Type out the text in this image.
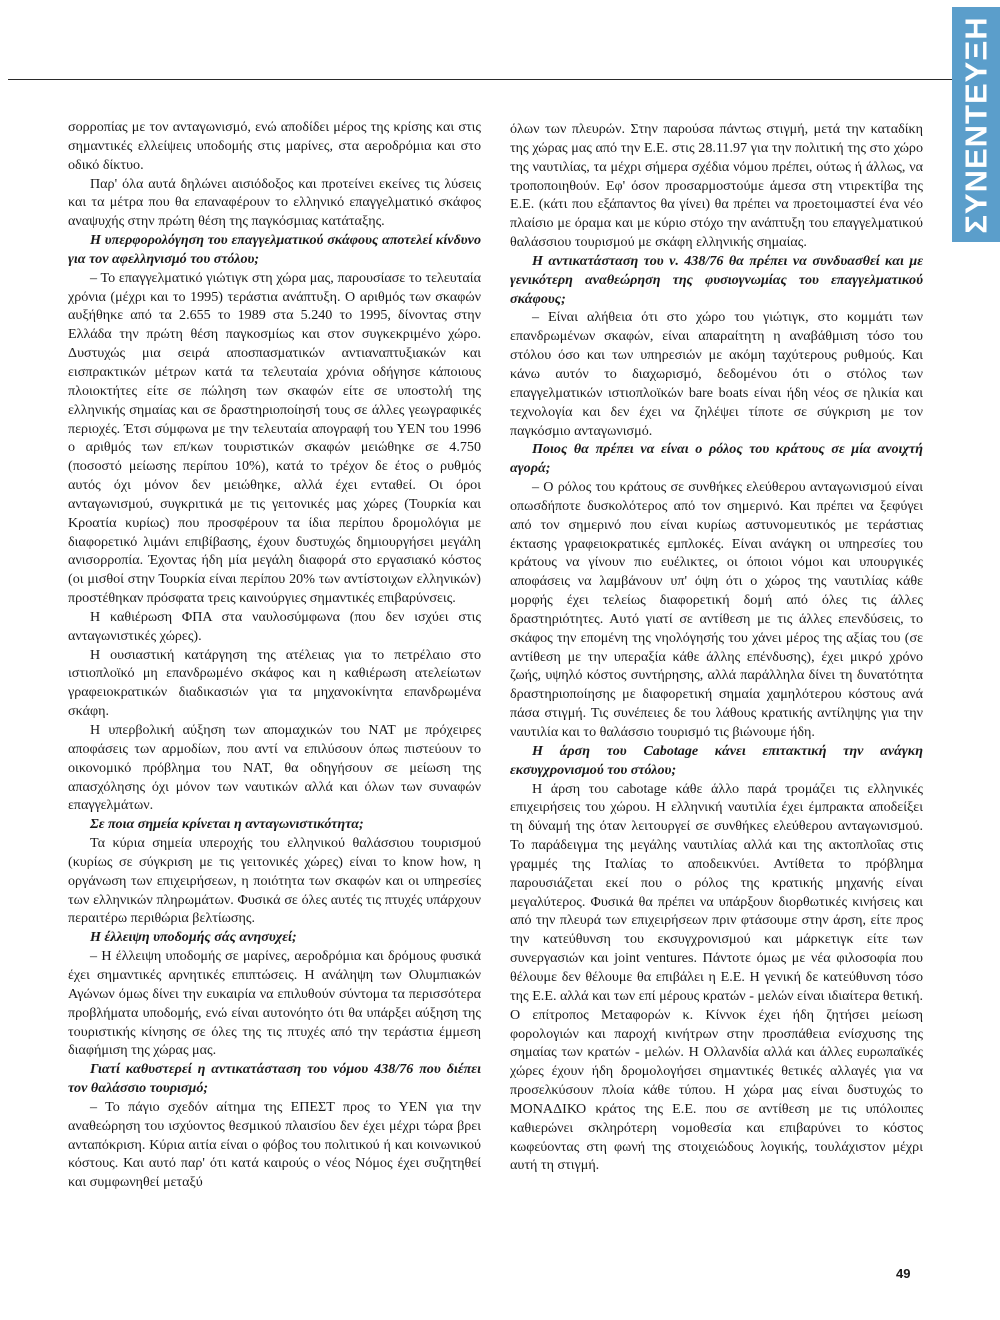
ΣΥΝΕΝΤΕΥΞΗ

σορροπίας με τον ανταγωνισμό, ενώ αποδίδει μέρος της κρίσης και στις σημαντικές ελλείψεις υποδομής στις μαρίνες, στα αεροδρόμια και στο οδικό δίκτυο.

Παρ' όλα αυτά δηλώνει αισιόδοξος και προτείνει εκείνες τις λύσεις και τα μέτρα που θα επαναφέρουν το ελληνικό επαγγελματικό σκάφος αναψυχής στην πρώτη θέση της παγκόσμιας κατάταξης.

Η υπερφορολόγηση του επαγγελματικού σκάφους αποτελεί κίνδυνο για τον αφελληνισμό του στόλου;

– Το επαγγελματικό γιώτιγκ στη χώρα μας, παρουσίασε το τελευταία χρόνια (μέχρι και το 1995) τεράστια ανάπτυξη. Ο αριθμός των σκαφών αυξήθηκε από τα 2.655 το 1989 στα 5.240 το 1995, δίνοντας στην Ελλάδα την πρώτη θέση παγκοσμίως και στον συγκεκριμένο χώρο. Δυστυχώς μια σειρά αποσπασματικών αντιαναπτυξιακών και εισπρακτικών μέτρων κατά τα τελευταία χρόνια οδήγησε κάποιους πλοιοκτήτες είτε σε πώληση των σκαφών είτε σε υποστολή της ελληνικής σημαίας και σε δραστηριοποίησή τους σε άλλες γεωγραφικές περιοχές. Έτσι σύμφωνα με την τελευταία απογραφή του ΥΕΝ του 1996 ο αριθμός των επ/κων τουριστικών σκαφών μειώθηκε σε 4.750 (ποσοστό μείωσης περίπου 10%), κατά το τρέχον δε έτος ο ρυθμός αυτός όχι μόνον δεν μειώθηκε, αλλά έχει ενταθεί. Οι όροι ανταγωνισμού, συγκριτικά με τις γειτονικές μας χώρες (Τουρκία και Κροατία κυρίως) που προσφέρουν τα ίδια περίπου δρομολόγια με διαφορετικό λιμάνι επιβίβασης, έχουν δυστυχώς δημιουργήσει μεγάλη ανισορροπία. Έχοντας ήδη μία μεγάλη διαφορά στο εργασιακό κόστος (οι μισθοί στην Τουρκία είναι περίπου 20% των αντίστοιχων ελληνικών) προστέθηκαν πρόσφατα τρεις καινούργιες σημαντικές επιβαρύνσεις.

Η καθιέρωση ΦΠΑ στα ναυλοσύμφωνα (που δεν ισχύει στις ανταγωνιστικές χώρες).

Η ουσιαστική κατάργηση της ατέλειας για το πετρέλαιο στο ιστιοπλοϊκό μη επανδρωμένο σκάφος και η καθιέρωση ατελείωτων γραφειοκρατικών διαδικασιών για τα μηχανοκίνητα επανδρωμένα σκάφη.

Η υπερβολική αύξηση των απομαχικών του ΝΑΤ με πρόχειρες αποφάσεις των αρμοδίων, που αντί να επιλύσουν όπως πιστεύουν το οικονομικό πρόβλημα του ΝΑΤ, θα οδηγήσουν σε μείωση της απασχόλησης όχι μόνον των ναυτικών αλλά και όλων των συναφών επαγγελμάτων.

Σε ποια σημεία κρίνεται η ανταγωνιστικότητα;

Τα κύρια σημεία υπεροχής του ελληνικού θαλάσσιου τουρισμού (κυρίως σε σύγκριση με τις γειτονικές χώρες) είναι το know how, η οργάνωση των επιχειρήσεων, η ποιότητα των σκαφών και οι υπηρεσίες των ελληνικών πληρωμάτων. Φυσικά σε όλες αυτές τις πτυχές υπάρχουν περαιτέρω περιθώρια βελτίωσης.

Η έλλειψη υποδομής σάς ανησυχεί;

– Η έλλειψη υποδομής σε μαρίνες, αεροδρόμια και δρόμους φυσικά έχει σημαντικές αρνητικές επιπτώσεις. Η ανάληψη των Ολυμπιακών Αγώνων όμως δίνει την ευκαιρία να επιλυθούν σύντομα τα περισσότερα προβλήματα υποδομής, ενώ είναι αυτονόητο ότι θα υπάρξει αύξηση της τουριστικής κίνησης σε όλες της τις πτυχές από την τεράστια έμμεση διαφήμιση της χώρας μας.

Γιατί καθυστερεί η αντικατάσταση του νόμου 438/76 που διέπει τον θαλάσσιο τουρισμό;

– Το πάγιο σχεδόν αίτημα της ΕΠΕΣΤ προς το ΥΕΝ για την αναθεώρηση του ισχύοντος θεσμικού πλαισίου δεν έχει μέχρι τώρα βρει ανταπόκριση. Κύρια αιτία είναι ο φόβος του πολιτικού ή και κοινωνικού κόστους. Και αυτό παρ' ότι κατά καιρούς ο νέος Νόμος έχει συζητηθεί και συμφωνηθεί μεταξύ

όλων των πλευρών. Στην παρούσα πάντως στιγμή, μετά την καταδίκη της χώρας μας από την Ε.Ε. στις 28.11.97 για την πολιτική της στο χώρο της ναυτιλίας, τα μέχρι σήμερα σχέδια νόμου πρέπει, ούτως ή άλλως, να τροποποιηθούν. Εφ' όσον προσαρμοστούμε άμεσα στη ντιρεκτίβα της Ε.Ε. (κάτι που εξάπαντος θα γίνει) θα πρέπει να προετοιμαστεί ένα νέο πλαίσιο με όραμα και με κύριο στόχο την ανάπτυξη του επαγγελματικού θαλάσσιου τουρισμού με σκάφη ελληνικής σημαίας.

Η αντικατάσταση του ν. 438/76 θα πρέπει να συνδυασθεί και με γενικότερη αναθεώρηση της φυσιογνωμίας του επαγγελματικού σκάφους;

– Είναι αλήθεια ότι στο χώρο του γιώτιγκ, στο κομμάτι των επανδρωμένων σκαφών, είναι απαραίτητη η αναβάθμιση τόσο του στόλου όσο και των υπηρεσιών με ακόμη ταχύτερους ρυθμούς. Και κάνω αυτόν το διαχωρισμό, δεδομένου ότι ο στόλος των επαγγελματικών ιστιοπλοϊκών bare boats είναι ήδη νέος σε ηλικία και τεχνολογία και δεν έχει να ζηλέψει τίποτε σε σύγκριση με τον παγκόσμιο ανταγωνισμό.

Ποιος θα πρέπει να είναι ο ρόλος του κράτους σε μία ανοιχτή αγορά;

– Ο ρόλος του κράτους σε συνθήκες ελεύθερου ανταγωνισμού είναι οπωσδήποτε δυσκολότερος από τον σημερινό. Και πρέπει να ξεφύγει από τον σημερινό που είναι κυρίως αστυνομευτικός με τεράστιας έκτασης γραφειοκρατικές εμπλοκές. Είναι ανάγκη οι υπηρεσίες του κράτους να γίνουν πιο ευέλικτες, οι όποιοι νόμοι και υπουργικές αποφάσεις να λαμβάνουν υπ' όψη ότι ο χώρος της ναυτιλίας κάθε μορφής έχει τελείως διαφορετική δομή από όλες τις άλλες δραστηριότητες. Αυτό γιατί σε αντίθεση με τις άλλες επενδύσεις, το σκάφος την επομένη της νηολόγησής του χάνει μέρος της αξίας του (σε αντίθεση με την υπεραξία κάθε άλλης επένδυσης), έχει μικρό χρόνο ζωής, υψηλό κόστος συντήρησης, αλλά παράλληλα δίνει τη δυνατότητα δραστηριοποίησης με διαφορετική σημαία χαμηλότερου κόστους ανά πάσα στιγμή. Τις συνέπειες δε του λάθους κρατικής αντίληψης για την ναυτιλία και το θαλάσσιο τουρισμό τις βιώνουμε ήδη.

Η άρση του Cabotage κάνει επιτακτική την ανάγκη εκσυγχρονισμού του στόλου;

Η άρση του cabotage κάθε άλλο παρά τρομάζει τις ελληνικές επιχειρήσεις του χώρου. Η ελληνική ναυτιλία έχει έμπρακτα αποδείξει τη δύναμή της όταν λειτουργεί σε συνθήκες ελεύθερου ανταγωνισμού. Το παράδειγμα της μεγάλης ναυτιλίας αλλά και της ακτοπλοΐας στις γραμμές της Ιταλίας το αποδεικνύει. Αντίθετα το πρόβλημα παρουσιάζεται εκεί που ο ρόλος της κρατικής μηχανής είναι μεγαλύτερος. Φυσικά θα πρέπει να υπάρξουν διορθωτικές κινήσεις και από την πλευρά των επιχειρήσεων πριν φτάσουμε στην άρση, είτε προς την κατεύθυνση του εκσυγχρονισμού και μάρκετιγκ είτε των συνεργασιών και joint ventures. Πάντοτε όμως με νέα φιλοσοφία που θέλουμε δεν θέλουμε θα επιβάλει η Ε.Ε. Η γενική δε κατεύθυνση τόσο της Ε.Ε. αλλά και των επί μέρους κρατών - μελών είναι ιδιαίτερα θετική. Ο επίτροπος Μεταφορών κ. Κίννοκ έχει ήδη ζητήσει μείωση φορολογιών και παροχή κινήτρων στην προσπάθεια ενίσχυσης της σημαίας των κρατών - μελών. Η Ολλανδία αλλά και άλλες ευρωπαϊκές χώρες έχουν ήδη δρομολογήσει σημαντικές θετικές αλλαγές για να προσελκύσουν πλοία κάθε τύπου. Η χώρα μας είναι δυστυχώς το ΜΟΝΑΔΙΚΟ κράτος της Ε.Ε. που σε αντίθεση με τις υπόλοιπες καθιερώνει σκληρότερη νομοθεσία και επιβαρύνει το κόστος κωφεύοντας στη φωνή της στοιχειώδους λογικής, τουλάχιστον μέχρι αυτή τη στιγμή.

49
